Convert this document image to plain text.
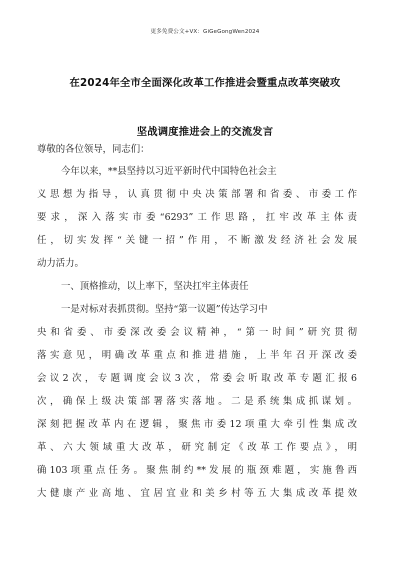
更多免费公文+VX：GiGeGongWen2024
在2024年全市全面深化改革工作推进会暨重点改革突破攻
坚战调度推进会上的交流发言
尊敬的各位领导，同志们：
今年以来，**县坚持以习近平新时代中国特色社会主
义思想为指导，认真贯彻中央决策部署和省委、市委工作
要求，深入落实市委“6293”工作思路，扛牢改革主体责
任，切实发挥“关键一招”作用，不断激发经济社会发展
动力活力。
一、顶格推动，以上率下，坚决扛牢主体责任
一是对标对表抓贯彻。坚持“第一议题”传达学习中
央和省委、市委深改委会议精神，“第一时间”研究贯彻
落实意见，明确改革重点和推进措施，上半年召开深改委
会议2次，专题调度会议3次，常委会听取改革专题汇报6
次，确保上级决策部署落实落地。二是系统集成抓谋划。
深刻把握改革内在逻辑，聚焦市委12项重大牵引性集成改
革、六大领域重大改革，研究制定《改革工作要点》，明
确103项重点任务。聚焦制约**发展的瓶颈难题，实施鲁西
大健康产业高地、宜居宜业和美乡村等五大集成改革提效
